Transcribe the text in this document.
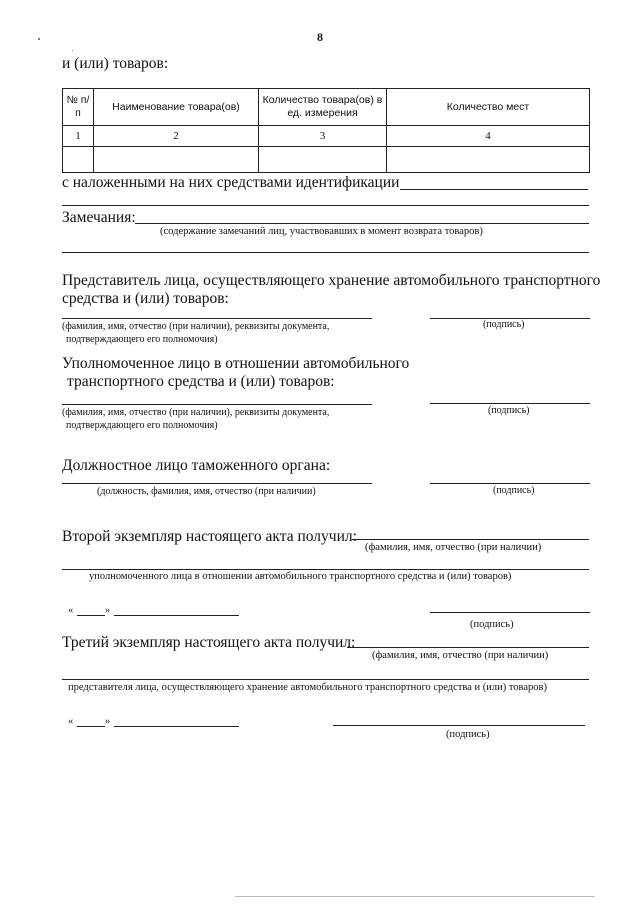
8
и (или) товаров:
№ п/п	Наименование товара(ов)	Количество товара(ов) в ед. измерения	Количество мест
1	2	3	4

с наложенными на них средствами идентификации
Замечания:
(содержание замечаний лиц, участвовавших в момент возврата товаров)
Представитель лица, осуществляющего хранение автомобильного транспортного
средства и (или) товаров:
(фамилия, имя, отчество (при наличии), реквизиты документа,
подтверждающего его полномочия)
(подпись)
Уполномоченное лицо в отношении автомобильного
транспортного средства и (или) товаров:
(фамилия, имя, отчество (при наличии), реквизиты документа,
подтверждающего его полномочия)
(подпись)
Должностное лицо таможенного органа:
(должность, фамилия, имя, отчество (при наличии)	(подпись)
Второй экземпляр настоящего акта получил:
(фамилия, имя, отчество (при наличии)
уполномоченного лица в отношении автомобильного транспортного средства и (или) товаров)
«	»
(подпись)
Третий экземпляр настоящего акта получил:
(фамилия, имя, отчество (при наличии)
представителя лица, осуществляющего хранение автомобильного транспортного средства и (или) товаров)
«	»
(подпись)
